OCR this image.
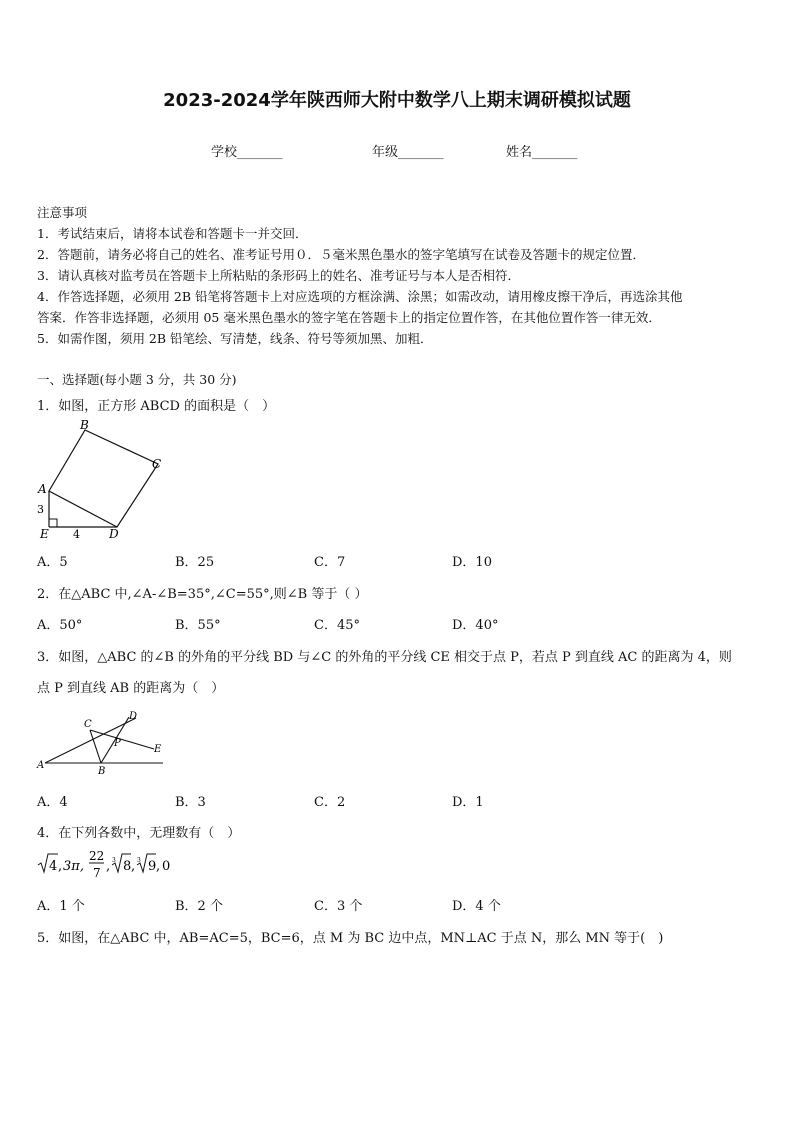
2023-2024学年陕西师大附中数学八上期末调研模拟试题
学校_______	年级_______	姓名_______
注意事项
1．考试结束后，请将本试卷和答题卡一并交回．
2．答题前，请务必将自己的姓名、准考证号用０．５毫米黑色墨水的签字笔填写在试卷及答题卡的规定位置．
3．请认真核对监考员在答题卡上所粘贴的条形码上的姓名、准考证号与本人是否相符．
4．作答选择题，必须用 2B 铅笔将答题卡上对应选项的方框涂满、涂黑；如需改动，请用橡皮擦干净后，再选涂其他
答案．作答非选择题，必须用 05 毫米黑色墨水的签字笔在答题卡上的指定位置作答，在其他位置作答一律无效．
5．如需作图，须用 2B 铅笔绘、写清楚，线条、符号等须加黑、加粗．
一、选择题(每小题 3 分，共 30 分)
1．如图，正方形 ABCD 的面积是（　）
A
B
C
D
E
3
4
A．5	B．25	C．7	D．10
2．在△ABC 中,∠A-∠B=35°,∠C=55°,则∠B 等于（ ）
A．50°	B．55°	C．45°	D．40°
3．如图，△ABC 的∠B 的外角的平分线 BD 与∠C 的外角的平分线 CE 相交于点 P，若点 P 到直线 AC 的距离为 4，则
点 P 到直线 AB 的距离为（　）
A
B
C
D
E
P
A．4	B．3	C．2	D．1
4．在下列各数中，无理数有（　）
4 , 3π,
22
7 , 3 8 , 3 9 , 0
A．1 个	B．2 个	C．3 个	D．4 个
5．如图，在△ABC 中，AB=AC=5，BC=6，点 M 为 BC 边中点，MN⊥AC 于点 N，那么 MN 等于(　)
